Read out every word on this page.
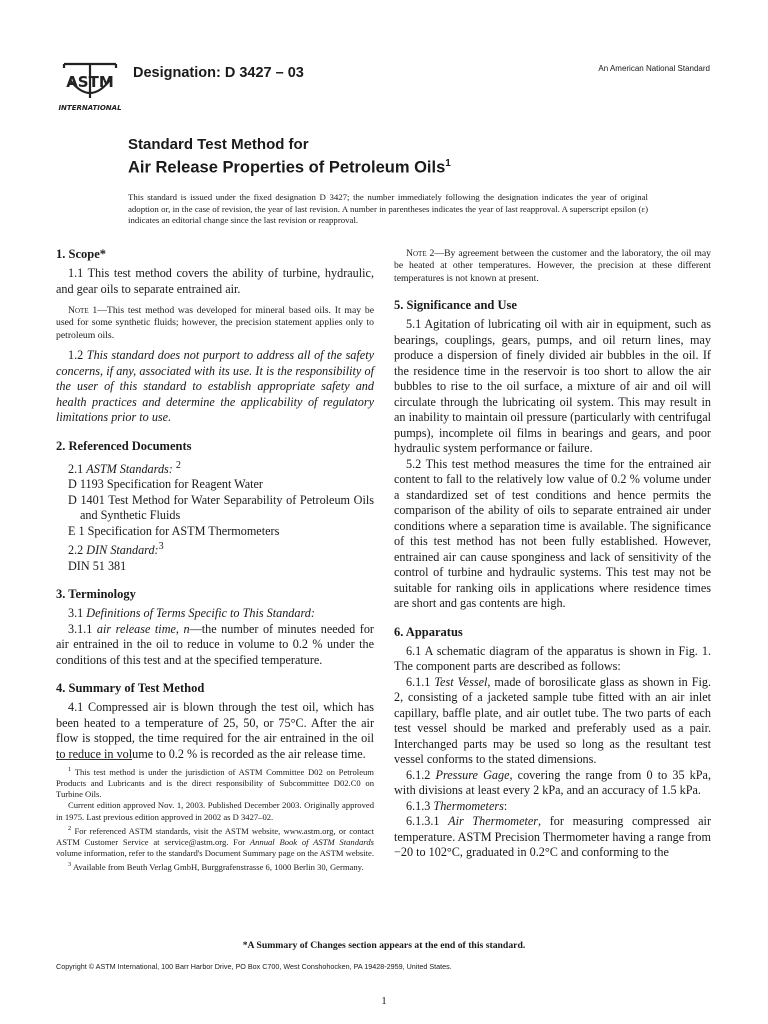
ASTM
INTERNATIONAL
Designation: D 3427 – 03	An American National Standard
Standard Test Method for
Air Release Properties of Petroleum Oils$^1$
This standard is issued under the fixed designation D 3427; the number immediately following the designation indicates the year of original adoption or, in the case of revision, the year of last revision. A number in parentheses indicates the year of last reapproval. A superscript epsilon (ε) indicates an editorial change since the last revision or reapproval.
1. Scope*

1.1 This test method covers the ability of turbine, hydraulic, and gear oils to separate entrained air.

Note 1—This test method was developed for mineral based oils. It may be used for some synthetic fluids; however, the precision statement applies only to petroleum oils.

1.2 This standard does not purport to address all of the safety concerns, if any, associated with its use. It is the responsibility of the user of this standard to establish appropriate safety and health practices and determine the applicability of regulatory limitations prior to use.

2. Referenced Documents

2.1 ASTM Standards: $^2$

D 1193 Specification for Reagent Water

D 1401 Test Method for Water Separability of Petroleum Oils and Synthetic Fluids

E 1 Specification for ASTM Thermometers

2.2 DIN Standard:$^3$

DIN 51 381

3. Terminology

3.1 Definitions of Terms Specific to This Standard:

3.1.1 air release time, n—the number of minutes needed for air entrained in the oil to reduce in volume to 0.2 % under the conditions of this test and at the specified temperature.

4. Summary of Test Method

4.1 Compressed air is blown through the test oil, which has been heated to a temperature of 25, 50, or 75°C. After the air flow is stopped, the time required for the air entrained in the oil to reduce in volume to 0.2 % is recorded as the air release time.

Note 2—By agreement between the customer and the laboratory, the oil may be heated at other temperatures. However, the precision at these different temperatures is not known at present.

5. Significance and Use

5.1 Agitation of lubricating oil with air in equipment, such as bearings, couplings, gears, pumps, and oil return lines, may produce a dispersion of finely divided air bubbles in the oil. If the residence time in the reservoir is too short to allow the air bubbles to rise to the oil surface, a mixture of air and oil will circulate through the lubricating oil system. This may result in an inability to maintain oil pressure (particularly with centrifugal pumps), incomplete oil films in bearings and gears, and poor hydraulic system performance or failure.

5.2 This test method measures the time for the entrained air content to fall to the relatively low value of 0.2 % volume under a standardized set of test conditions and hence permits the comparison of the ability of oils to separate entrained air under conditions where a separation time is available. The significance of this test method has not been fully established. However, entrained air can cause sponginess and lack of sensitivity of the control of turbine and hydraulic systems. This test may not be suitable for ranking oils in applications where residence times are short and gas contents are high.

6. Apparatus

6.1 A schematic diagram of the apparatus is shown in Fig. 1. The component parts are described as follows:

6.1.1 Test Vessel, made of borosilicate glass as shown in Fig. 2, consisting of a jacketed sample tube fitted with an air inlet capillary, baffle plate, and air outlet tube. The two parts of each test vessel should be marked and preferably used as a pair. Interchanged parts may be used so long as the resultant test vessel conforms to the stated dimensions.

6.1.2 Pressure Gage, covering the range from 0 to 35 kPa, with divisions at least every 2 kPa, and an accuracy of 1.5 kPa.

6.1.3 Thermometers:

6.1.3.1 Air Thermometer, for measuring compressed air temperature. ASTM Precision Thermometer having a range from −20 to 102°C, graduated in 0.2°C and conforming to the

$^1$ This test method is under the jurisdiction of ASTM Committee D02 on Petroleum Products and Lubricants and is the direct responsibility of Subcommittee D02.C0 on Turbine Oils.

Current edition approved Nov. 1, 2003. Published December 2003. Originally approved in 1975. Last previous edition approved in 2002 as D 3427–02.

$^2$ For referenced ASTM standards, visit the ASTM website, www.astm.org, or contact ASTM Customer Service at service@astm.org. For Annual Book of ASTM Standards volume information, refer to the standard's Document Summary page on the ASTM website.

$^3$ Available from Beuth Verlag GmbH, Burggrafenstrasse 6, 1000 Berlin 30, Germany.

*A Summary of Changes section appears at the end of this standard.
Copyright © ASTM International, 100 Barr Harbor Drive, PO Box C700, West Conshohocken, PA 19428-2959, United States.
1
